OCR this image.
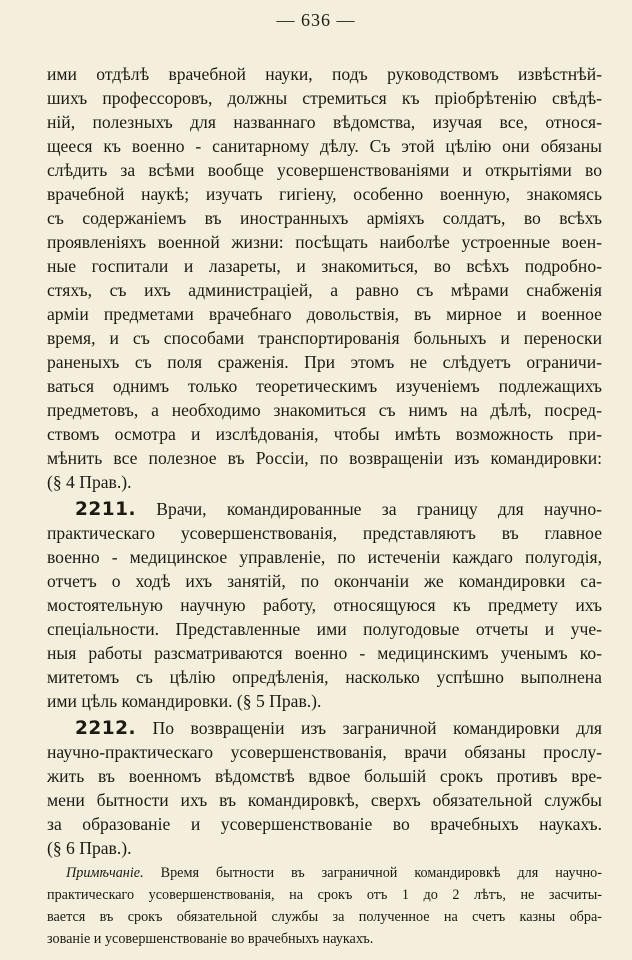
— 636 —
ими отдѣлѣ врачебной науки, подъ руководствомъ извѣстнѣй-
шихъ профессоровъ, должны стремиться къ пріобрѣтенію свѣдѣ-
ній, полезныхъ для названнаго вѣдомства, изучая все, относя-
щееся къ военно - санитарному дѣлу. Съ этой цѣлію они обязаны
слѣдить за всѣми вообще усовершенствованіями и открытіями во
врачебной наукѣ; изучать гигіену, особенно военную, знакомясь
съ содержаніемъ въ иностранныхъ арміяхъ солдатъ, во всѣхъ
проявленіяхъ военной жизни: посѣщать наиболѣе устроенные воен-
ные госпитали и лазареты, и знакомиться, во всѣхъ подробно-
стяхъ, съ ихъ администраціей, а равно съ мѣрами снабженія
арміи предметами врачебнаго довольствія, въ мирное и военное
время, и съ способами транспортированія больныхъ и переноски
раненыхъ съ поля сраженія. При этомъ не слѣдуетъ ограничи-
ваться однимъ только теоретическимъ изученіемъ подлежащихъ
предметовъ, а необходимо знакомиться съ нимъ на дѣлѣ, посред-
ствомъ осмотра и изслѣдованія, чтобы имѣть возможность при-
мѣнить все полезное въ Россіи, по возвращеніи изъ командировки:
(§ 4 Прав.).
2211. Врачи, командированные за границу для научно-
практическаго усовершенствованія, представляютъ въ главное
военно - медицинское управленіе, по истеченіи каждаго полугодія,
отчетъ о ходѣ ихъ занятій, по окончаніи же командировки са-
мостоятельную научную работу, относящуюся къ предмету ихъ
спеціальности. Представленные ими полугодовые отчеты и уче-
ныя работы разсматриваются военно - медицинскимъ ученымъ ко-
митетомъ съ цѣлію опредѣленія, насколько успѣшно выполнена
ими цѣль командировки. (§ 5 Прав.).
2212. По возвращеніи изъ заграничной командировки для
научно-практическаго усовершенствованія, врачи обязаны прослу-
жить въ военномъ вѣдомствѣ вдвое большій срокъ противъ вре-
мени бытности ихъ въ командировкѣ, сверхъ обязательной службы
за образованіе и усовершенствованіе во врачебныхъ наукахъ.
(§ 6 Прав.).
Примѣчаніе. Время бытности въ заграничной командировкѣ для научно-
практическаго усовершенствованія, на срокъ отъ 1 до 2 лѣтъ, не засчиты-
вается въ срокъ обязательной службы за полученное на счетъ казны обра-
зованіе и усовершенствованіе во врачебныхъ наукахъ.
